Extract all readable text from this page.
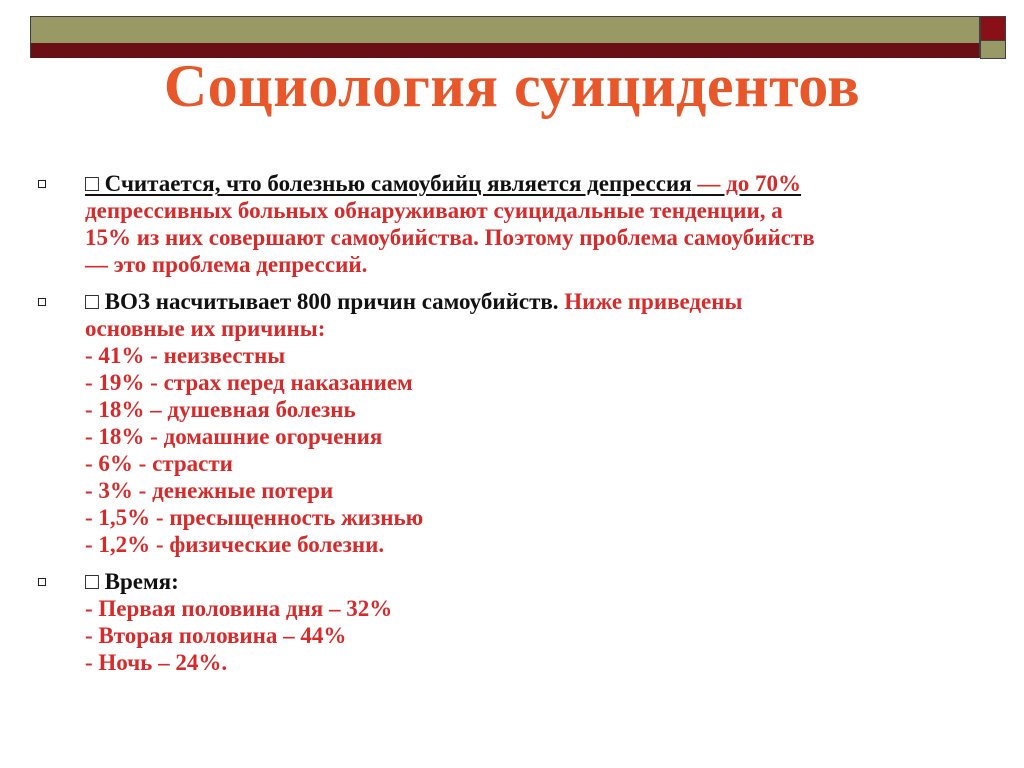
Социология суицидентов
□ Считается, что болезнью самоубийц является депрессия — до 70%
депрессивных больных обнаруживают суицидальные тенденции, а
15% из них совершают самоубийства. Поэтому проблема самоубийств
— это проблема депрессий.
□ ВОЗ насчитывает 800 причин самоубийств. Ниже приведены
основные их причины:
- 41% - неизвестны
- 19% - страх перед наказанием
- 18% – душевная болезнь
- 18% - домашние огорчения
- 6% - страсти
- 3% - денежные потери
- 1,5% - пресыщенность жизнью
- 1,2% - физические болезни.
□ Время:
- Первая половина дня – 32%
- Вторая половина – 44%
- Ночь – 24%.
